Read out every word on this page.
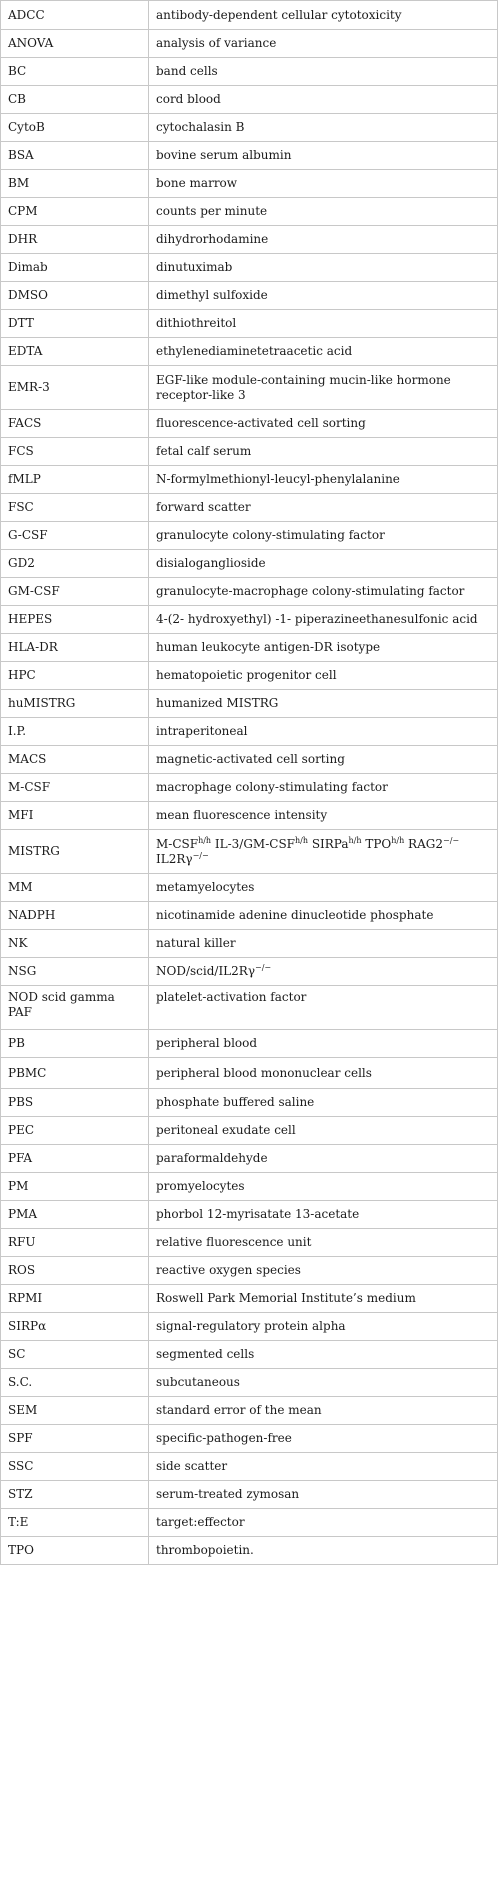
ADCC	antibody-dependent cellular cytotoxicity
ANOVA	analysis of variance
BC	band cells
CB	cord blood
CytoB	cytochalasin B
BSA	bovine serum albumin
BM	bone marrow
CPM	counts per minute
DHR	dihydrorhodamine
Dimab	dinutuximab
DMSO	dimethyl sulfoxide
DTT	dithiothreitol
EDTA	ethylenediaminetetraacetic acid
EMR-3	EGF-like module-containing mucin-like hormone receptor-like 3
FACS	fluorescence-activated cell sorting
FCS	fetal calf serum
fMLP	N-formylmethionyl-leucyl-phenylalanine
FSC	forward scatter
G-CSF	granulocyte colony-stimulating factor
GD2	disialoganglioside
GM-CSF	granulocyte-macrophage colony-stimulating factor
HEPES	4-(2- hydroxyethyl) -1- piperazineethanesulfonic acid
HLA-DR	human leukocyte antigen-DR isotype
HPC	hematopoietic progenitor cell
huMISTRG	humanized MISTRG
I.P.	intraperitoneal
MACS	magnetic-activated cell sorting
M-CSF	macrophage colony-stimulating factor
MFI	mean fluorescence intensity
MISTRG	$M-CSF^{h/h}$ $IL-3/GM-CSF^{h/h}$ SIRPa$^{h/h}$ $TPO^{h/h}$ RAG2−/− IL2Rγ−/−
MM	metamyelocytes
NADPH	nicotinamide adenine dinucleotide phosphate
NK	natural killer
NSG	NOD/scid/IL2Rγ−/−
NOD scid gamma PAF	platelet-activation factor
PB	peripheral blood
PBMC	peripheral blood mononuclear cells
PBS	phosphate buffered saline
PEC	peritoneal exudate cell
PFA	paraformaldehyde
PM	promyelocytes
PMA	phorbol 12-myrisatate 13-acetate
RFU	relative fluorescence unit
ROS	reactive oxygen species
RPMI	Roswell Park Memorial Institute’s medium
SIRPα	signal-regulatory protein alpha
SC	segmented cells
S.C.	subcutaneous
SEM	standard error of the mean
SPF	specific-pathogen-free
SSC	side scatter
STZ	serum-treated zymosan
T:E	target:effector
TPO	thrombopoietin.
